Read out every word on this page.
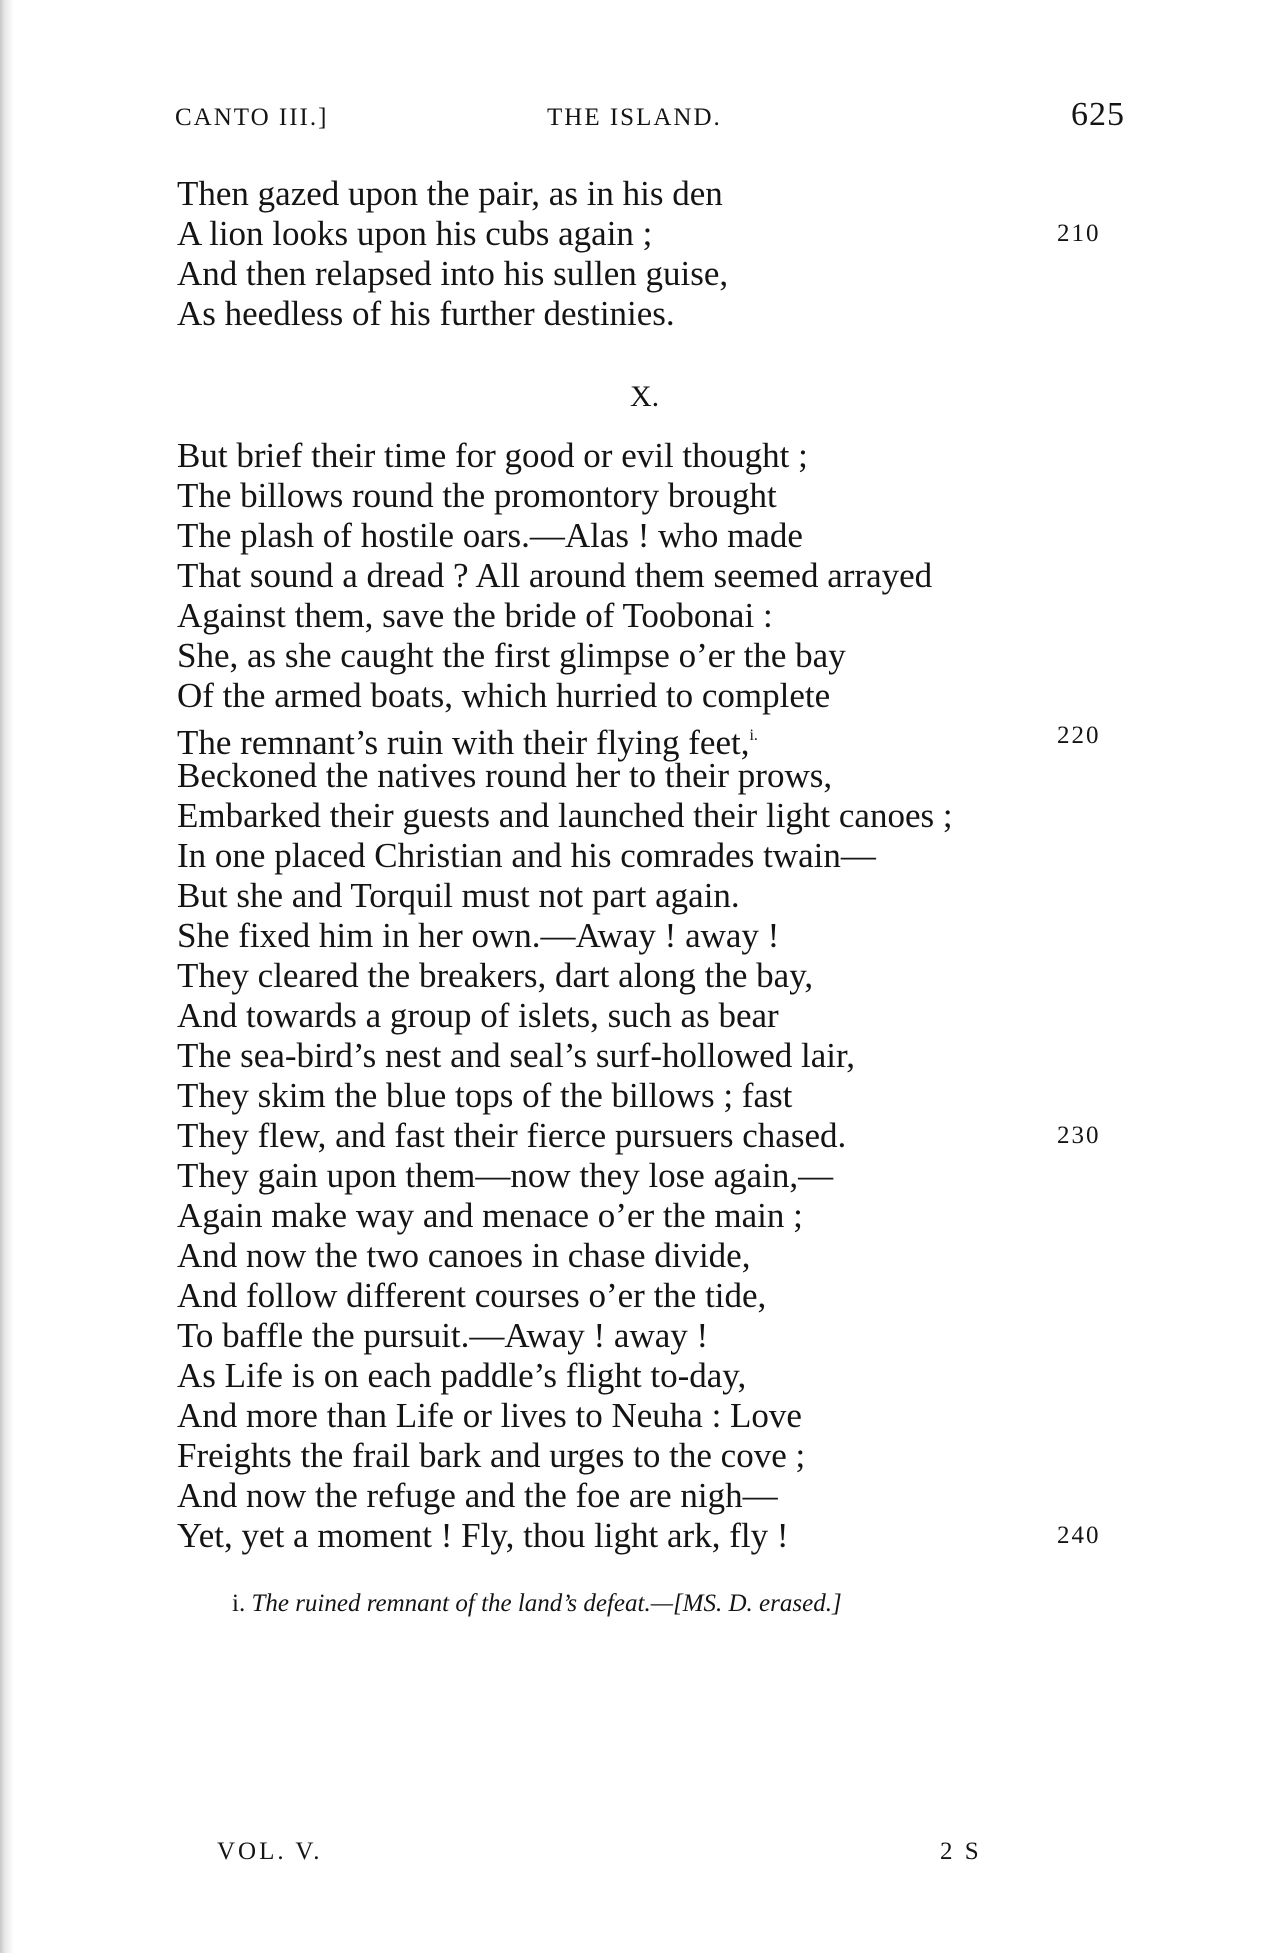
CANTO III.]	THE ISLAND.	625
Then gazed upon the pair, as in his den
A lion looks upon his cubs again ;	210
And then relapsed into his sullen guise,
As heedless of his further destinies.
X.
But brief their time for good or evil thought ;
The billows round the promontory brought
The plash of hostile oars.—Alas ! who made
That sound a dread ? All around them seemed arrayed
Against them, save the bride of Toobonai :
She, as she caught the first glimpse o’er the bay
Of the armed boats, which hurried to complete
The remnant’s ruin with their flying feet,$^{i.}$	220
Beckoned the natives round her to their prows,
Embarked their guests and launched their light canoes ;
In one placed Christian and his comrades twain—
But she and Torquil must not part again.
She fixed him in her own.—Away ! away !
They cleared the breakers, dart along the bay,
And towards a group of islets, such as bear
The sea-bird’s nest and seal’s surf-hollowed lair,
They skim the blue tops of the billows ; fast
They flew, and fast their fierce pursuers chased.	230
They gain upon them—now they lose again,—
Again make way and menace o’er the main ;
And now the two canoes in chase divide,
And follow different courses o’er the tide,
To baffle the pursuit.—Away ! away !
As Life is on each paddle’s flight to-day,
And more than Life or lives to Neuha : Love
Freights the frail bark and urges to the cove ;
And now the refuge and the foe are nigh—
Yet, yet a moment ! Fly, thou light ark, fly !	240
i. The ruined remnant of the land’s defeat.—[MS. D. erased.]
VOL. V.	2 S
